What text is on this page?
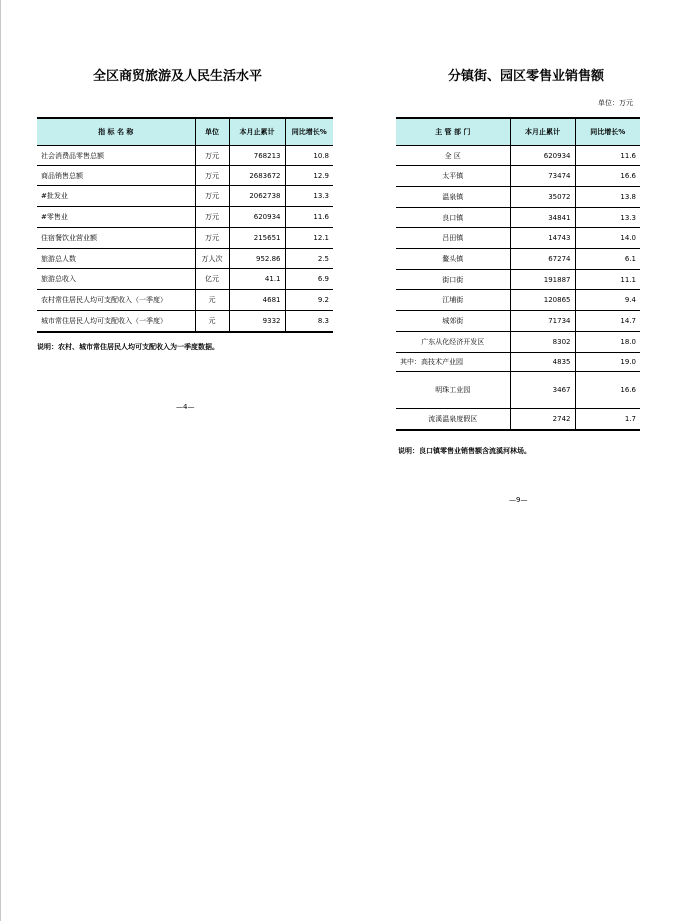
全区商贸旅游及人民生活水平
指 标 名 称	单位	本月止累计	同比增长%
社会消费品零售总额	万元	768213	10.8
商品销售总额	万元	2683672	12.9
#批发业	万元	2062738	13.3
#零售业	万元	620934	11.6
住宿餐饮业营业额	万元	215651	12.1
旅游总人数	万人次	952.86	2.5
旅游总收入	亿元	41.1	6.9
农村常住居民人均可支配收入（一季度）	元	4681	9.2
城市常住居民人均可支配收入（一季度）	元	9332	8.3
说明：农村、城市常住居民人均可支配收入为一季度数据。
—4—
分镇街、园区零售业销售额
单位：万元
主 管 部 门	本月止累计	同比增长%
全 区	620934	11.6
太平镇	73474	16.6
温泉镇	35072	13.8
良口镇	34841	13.3
吕田镇	14743	14.0
鳌头镇	67274	6.1
街口街	191887	11.1
江埔街	120865	9.4
城郊街	71734	14.7
广东从化经济开发区	8302	18.0
其中：高技术产业园	4835	19.0
明珠工业园	3467	16.6
流溪温泉度假区	2742	1.7
说明：良口镇零售业销售额含流溪河林场。
—9—
